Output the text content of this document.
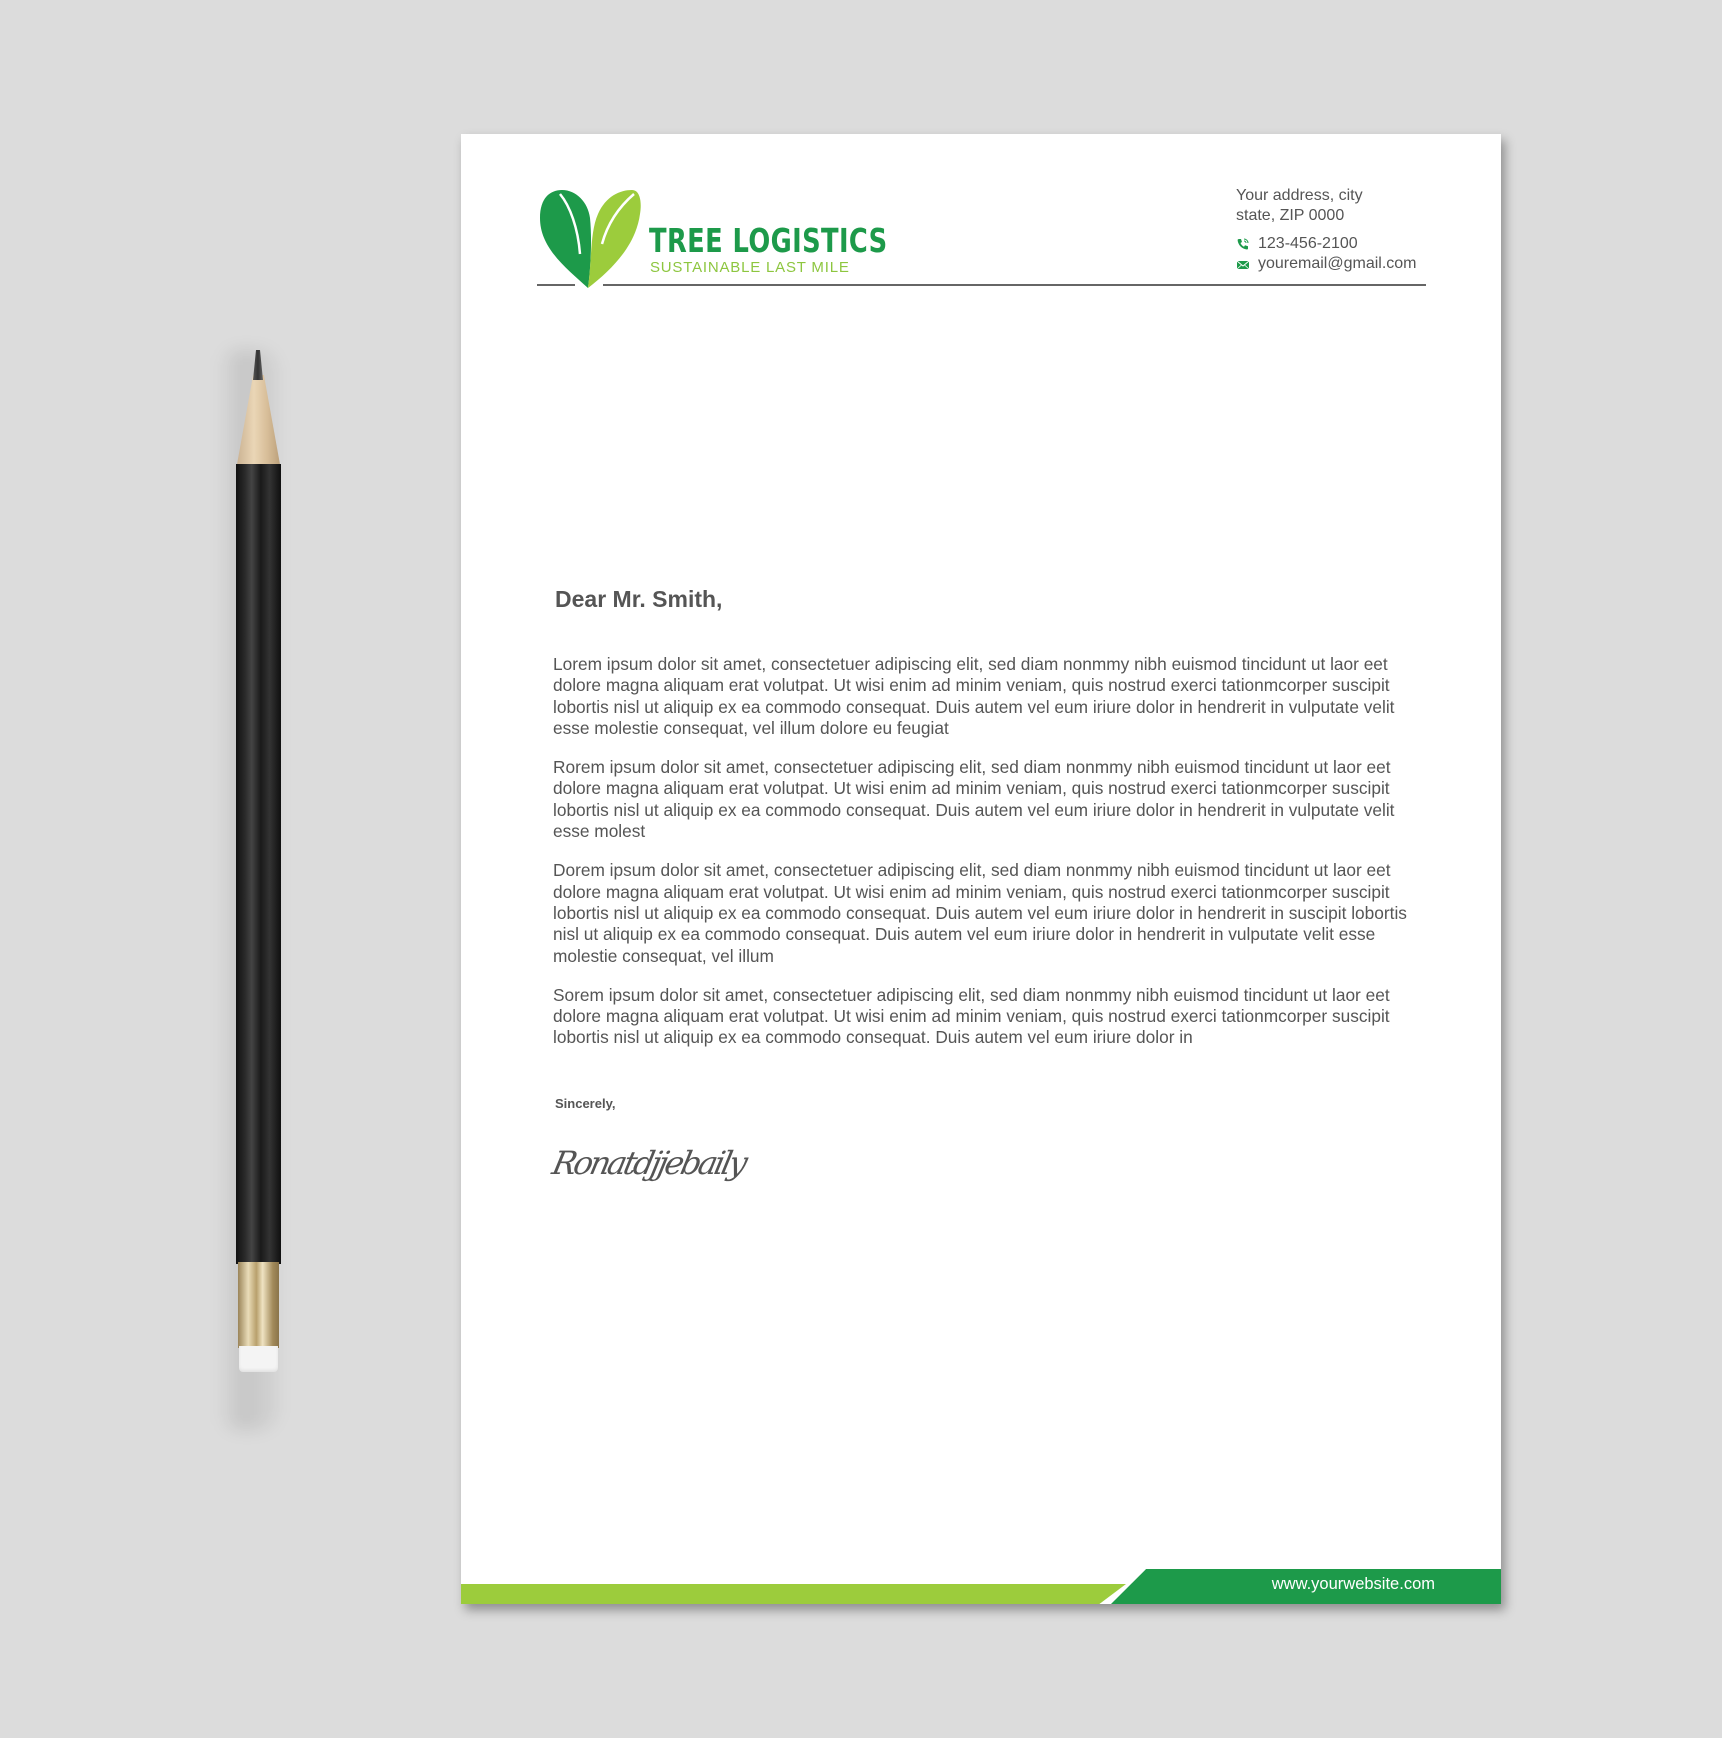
TREE LOGISTICS
SUSTAINABLE LAST MILE
Your address, city
state, ZIP 0000
123-456-2100
youremail@gmail.com
Dear Mr. Smith,

Lorem ipsum dolor sit amet, consectetuer adipiscing elit, sed diam nonmmy nibh euismod tincidunt ut laor eet dolore magna aliquam erat volutpat. Ut wisi enim ad minim veniam, quis nostrud exerci tationmcorper suscipit lobortis nisl ut aliquip ex ea commodo consequat. Duis autem vel eum iriure dolor in hendrerit in vulputate velit esse molestie consequat, vel illum dolore eu feugiat

Rorem ipsum dolor sit amet, consectetuer adipiscing elit, sed diam nonmmy nibh euismod tincidunt ut laor eet dolore magna aliquam erat volutpat. Ut wisi enim ad minim veniam, quis nostrud exerci tationmcorper suscipit lobortis nisl ut aliquip ex ea commodo consequat. Duis autem vel eum iriure dolor in hendrerit in vulputate velit esse molest

Dorem ipsum dolor sit amet, consectetuer adipiscing elit, sed diam nonmmy nibh euismod tincidunt ut laor eet dolore magna aliquam erat volutpat. Ut wisi enim ad minim veniam, quis nostrud exerci tationmcorper suscipit lobortis nisl ut aliquip ex ea commodo consequat. Duis autem vel eum iriure dolor in hendrerit in suscipit lobortis nisl ut aliquip ex ea commodo consequat. Duis autem vel eum iriure dolor in hendrerit in vulputate velit esse molestie consequat, vel illum

Sorem ipsum dolor sit amet, consectetuer adipiscing elit, sed diam nonmmy nibh euismod tincidunt ut laor eet dolore magna aliquam erat volutpat. Ut wisi enim ad minim veniam, quis nostrud exerci tationmcorper suscipit lobortis nisl ut aliquip ex ea commodo consequat. Duis autem vel eum iriure dolor in

Sincerely,
Ronatdjjebaily
www.yourwebsite.com
